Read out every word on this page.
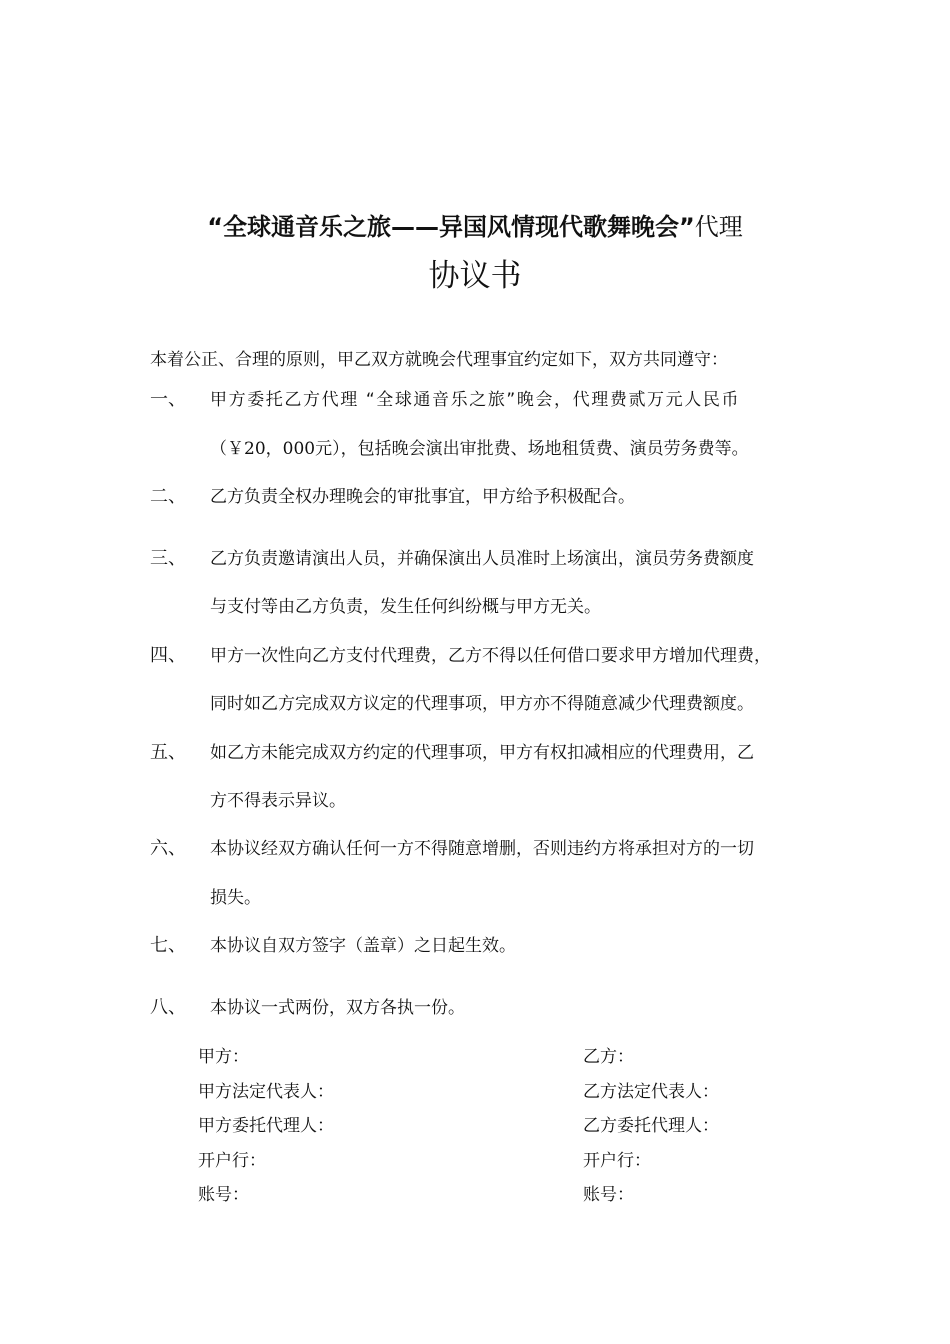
“全球通音乐之旅——异国风情现代歌舞晚会”代理
协议书
本着公正、合理的原则，甲乙双方就晚会代理事宜约定如下，双方共同遵守：
一、 甲方委托乙方代理 “全球通音乐之旅”晚会，代理费贰万元人民币
（￥20，000元），包括晚会演出审批费、场地租赁费、演员劳务费等。
二、 乙方负责全权办理晚会的审批事宜，甲方给予积极配合。
三、 乙方负责邀请演出人员，并确保演出人员准时上场演出，演员劳务费额度
与支付等由乙方负责，发生任何纠纷概与甲方无关。
四、 甲方一次性向乙方支付代理费，乙方不得以任何借口要求甲方增加代理费，
同时如乙方完成双方议定的代理事项，甲方亦不得随意减少代理费额度。
五、 如乙方未能完成双方约定的代理事项，甲方有权扣减相应的代理费用，乙
方不得表示异议。
六、 本协议经双方确认任何一方不得随意增删，否则违约方将承担对方的一切
损失。
七、 本协议自双方签字（盖章）之日起生效。
八、 本协议一式两份，双方各执一份。
甲方：
甲方法定代表人：
甲方委托代理人：
开户行：
账号：
乙方：
乙方法定代表人：
乙方委托代理人：
开户行：
账号：
